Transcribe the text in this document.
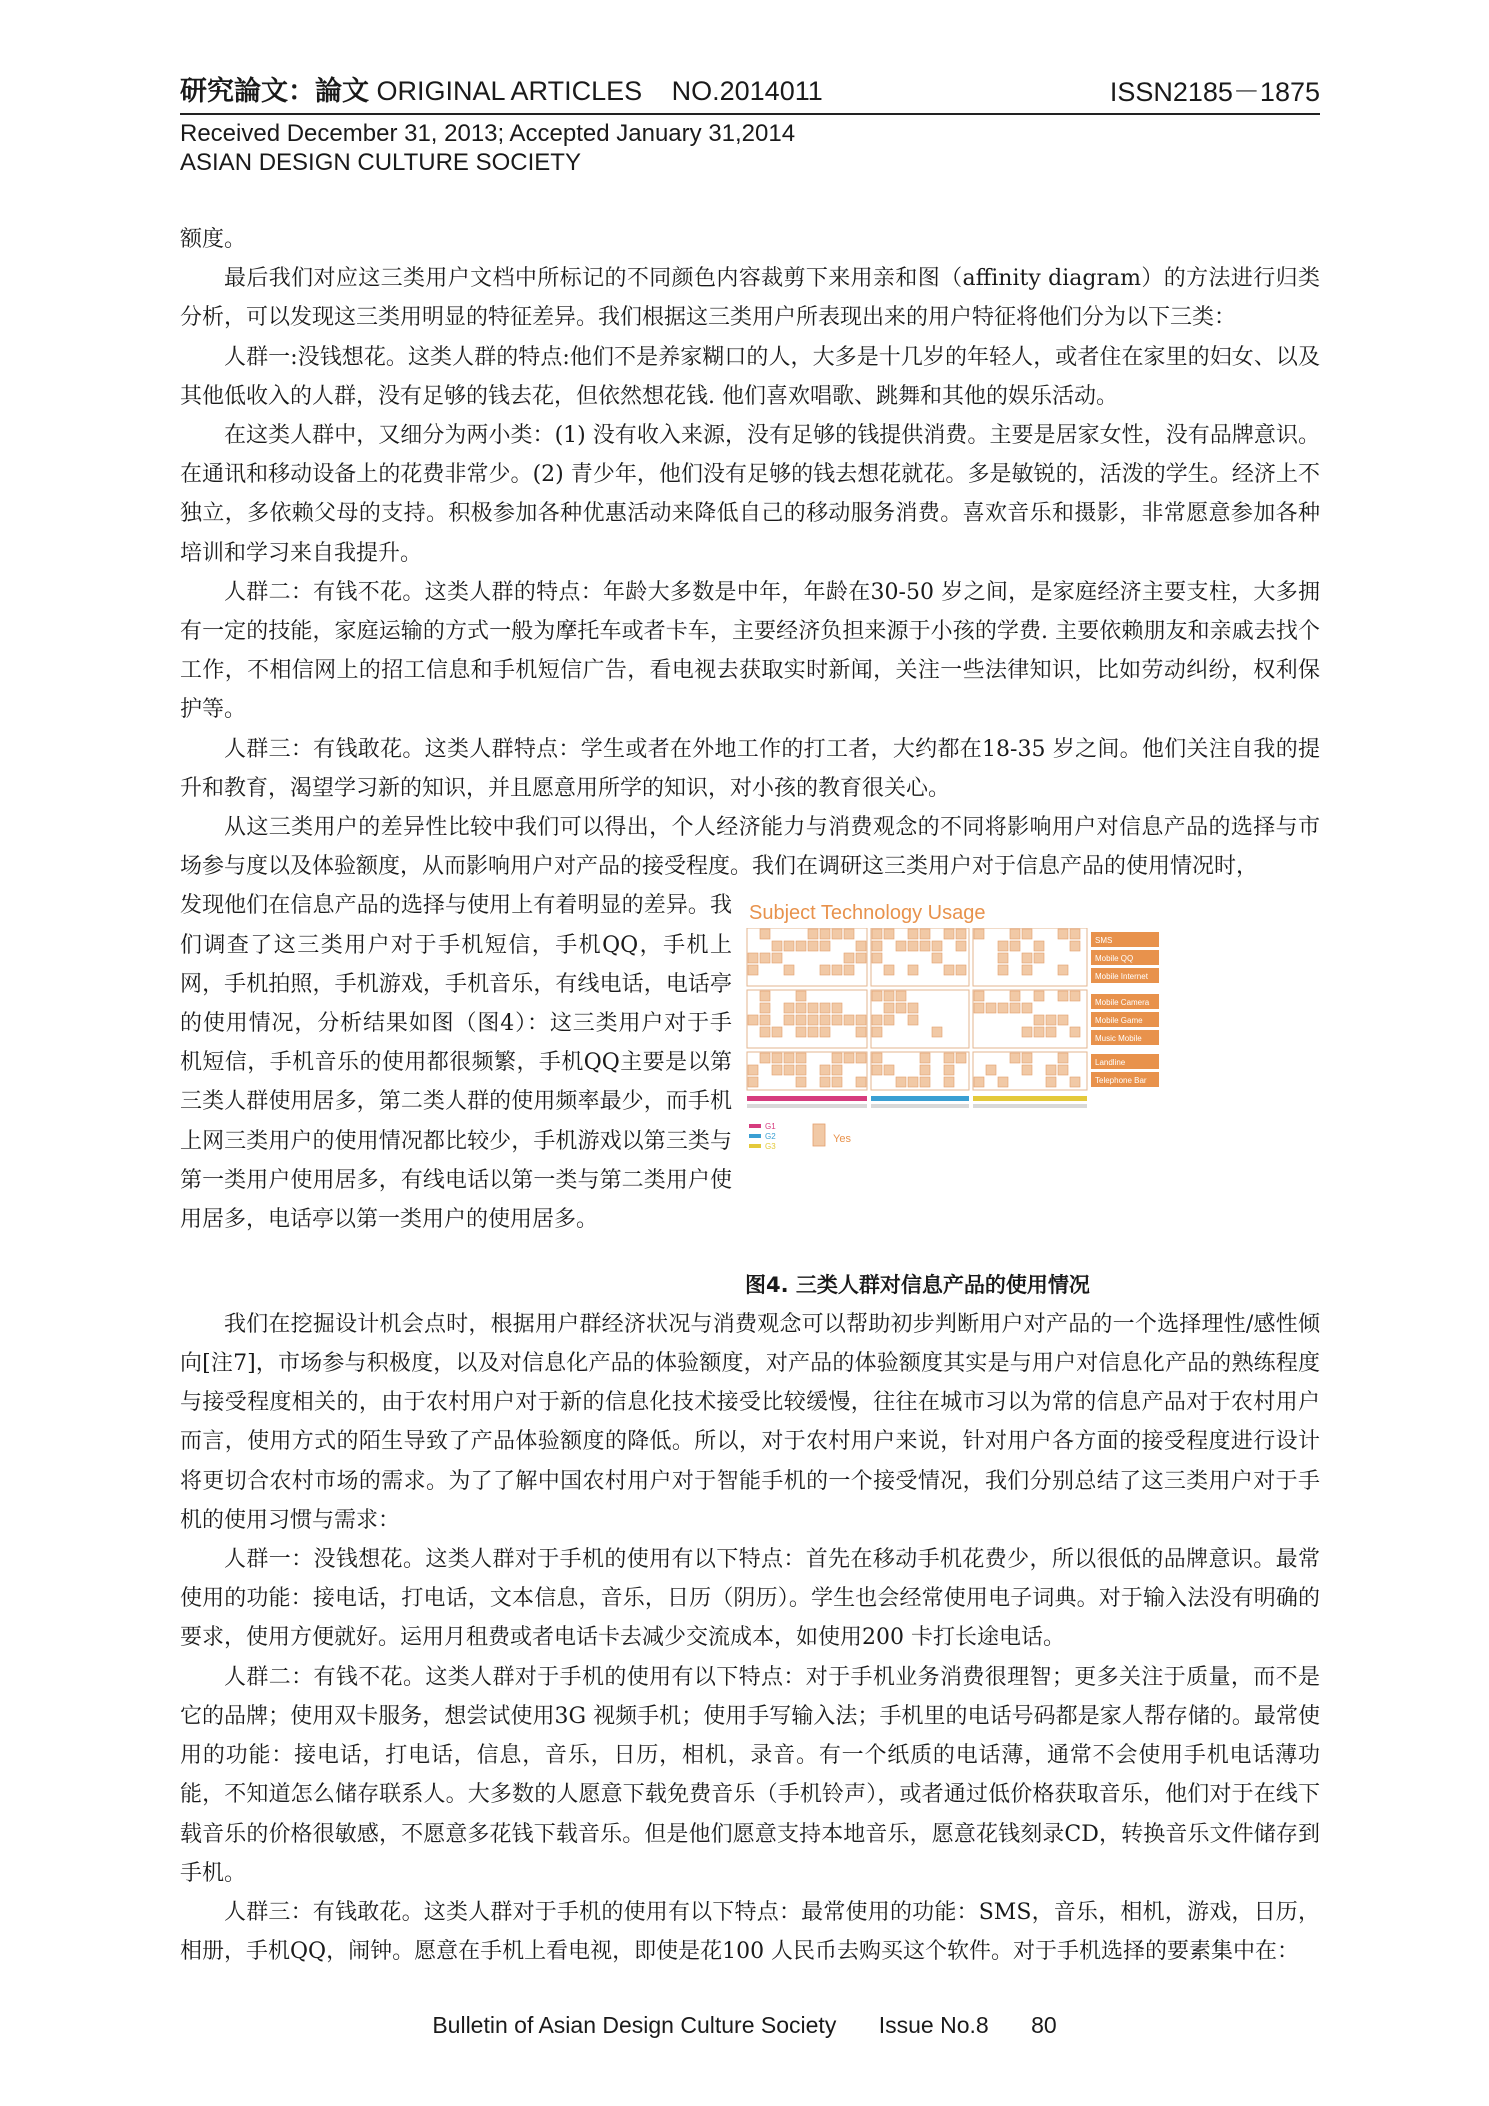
研究論文：論文 ORIGINAL ARTICLES NO.2014011	ISSN2185－1875
Received December 31, 2013; Accepted January 31,2014
ASIAN DESIGN CULTURE SOCIETY

额度。

最后我们对应这三类用户文档中所标记的不同颜色内容裁剪下来用亲和图（affinity diagram）的方法进行归类分析，可以发现这三类用明显的特征差异。我们根据这三类用户所表现出来的用户特征将他们分为以下三类：

人群一:没钱想花。这类人群的特点:他们不是养家糊口的人，大多是十几岁的年轻人，或者住在家里的妇女、以及其他低收入的人群，没有足够的钱去花，但依然想花钱. 他们喜欢唱歌、跳舞和其他的娱乐活动。

在这类人群中，又细分为两小类：(1) 没有收入来源，没有足够的钱提供消费。主要是居家女性，没有品牌意识。在通讯和移动设备上的花费非常少。(2) 青少年，他们没有足够的钱去想花就花。多是敏锐的，活泼的学生。经济上不独立，多依赖父母的支持。积极参加各种优惠活动来降低自己的移动服务消费。喜欢音乐和摄影，非常愿意参加各种培训和学习来自我提升。

人群二：有钱不花。这类人群的特点：年龄大多数是中年，年龄在30-50 岁之间，是家庭经济主要支柱，大多拥有一定的技能，家庭运输的方式一般为摩托车或者卡车，主要经济负担来源于小孩的学费. 主要依赖朋友和亲戚去找个工作，不相信网上的招工信息和手机短信广告，看电视去获取实时新闻，关注一些法律知识，比如劳动纠纷，权利保护等。

人群三：有钱敢花。这类人群特点：学生或者在外地工作的打工者，大约都在18-35 岁之间。他们关注自我的提升和教育，渴望学习新的知识，并且愿意用所学的知识，对小孩的教育很关心。

从这三类用户的差异性比较中我们可以得出，个人经济能力与消费观念的不同将影响用户对信息产品的选择与市场参与度以及体验额度，从而影响用户对产品的接受程度。我们在调研这三类用户对于信息产品的使用情况时，

发现他们在信息产品的选择与使用上有着明显的差异。我们调查了这三类用户对于手机短信，手机QQ，手机上网，手机拍照，手机游戏，手机音乐，有线电话，电话亭的使用情况，分析结果如图（图4）：这三类用户对于手机短信，手机音乐的使用都很频繁，手机QQ主要是以第三类人群使用居多，第二类人群的使用频率最少，而手机上网三类用户的使用情况都比较少，手机游戏以第三类与第一类用户使用居多，有线电话以第一类与第二类用户使用居多，电话亭以第一类用户的使用居多。

Subject Technology Usage
SMS
Mobile QQ
Mobile Internet
Mobile Camera
Mobile Game
Music Mobile
Landline
Telephone Bar
G1
G2
G3
Yes
图4. 三类人群对信息产品的使用情况

我们在挖掘设计机会点时，根据用户群经济状况与消费观念可以帮助初步判断用户对产品的一个选择理性/感性倾向[注7]，市场参与积极度，以及对信息化产品的体验额度，对产品的体验额度其实是与用户对信息化产品的熟练程度与接受程度相关的，由于农村用户对于新的信息化技术接受比较缓慢，往往在城市习以为常的信息产品对于农村用户而言，使用方式的陌生导致了产品体验额度的降低。所以，对于农村用户来说，针对用户各方面的接受程度进行设计将更切合农村市场的需求。为了了解中国农村用户对于智能手机的一个接受情况，我们分别总结了这三类用户对于手机的使用习惯与需求：

人群一：没钱想花。这类人群对于手机的使用有以下特点：首先在移动手机花费少，所以很低的品牌意识。最常使用的功能：接电话，打电话，文本信息，音乐，日历（阴历）。学生也会经常使用电子词典。对于输入法没有明确的要求，使用方便就好。运用月租费或者电话卡去减少交流成本，如使用200 卡打长途电话。

人群二：有钱不花。这类人群对于手机的使用有以下特点：对于手机业务消费很理智；更多关注于质量，而不是它的品牌；使用双卡服务，想尝试使用3G 视频手机；使用手写输入法；手机里的电话号码都是家人帮存储的。最常使用的功能：接电话，打电话，信息，音乐，日历，相机，录音。有一个纸质的电话薄，通常不会使用手机电话薄功能，不知道怎么储存联系人。大多数的人愿意下载免费音乐（手机铃声），或者通过低价格获取音乐，他们对于在线下载音乐的价格很敏感，不愿意多花钱下载音乐。但是他们愿意支持本地音乐，愿意花钱刻录CD，转换音乐文件储存到手机。

人群三：有钱敢花。这类人群对于手机的使用有以下特点：最常使用的功能：SMS，音乐，相机，游戏，日历，相册，手机QQ，闹钟。愿意在手机上看电视，即使是花100 人民币去购买这个软件。对于手机选择的要素集中在：

Bulletin of Asian Design Culture Society Issue No.8 80
